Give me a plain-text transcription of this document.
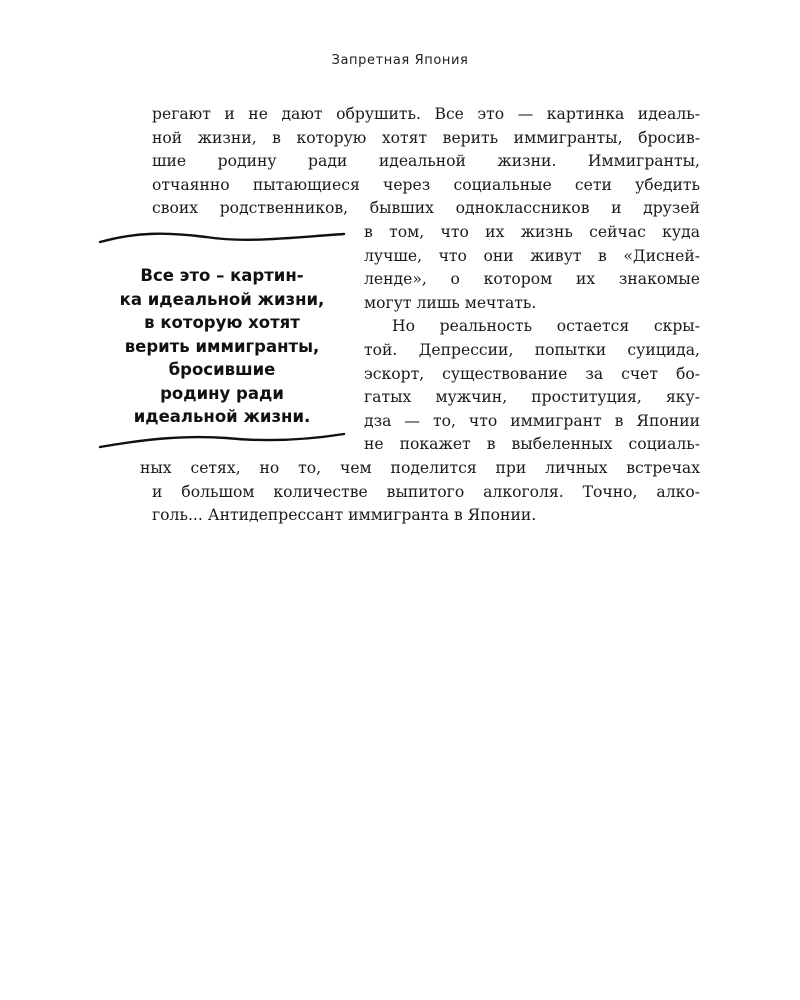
Запретная Япония
регают и не дают обрушить. Все это — картинка идеаль-
ной жизни, в которую хотят верить иммигранты, бросив-
шие родину ради идеальной жизни. Иммигранты,
отчаянно пытающиеся через социальные сети убедить
своих родственников, бывших одноклассников и друзей
в том, что их жизнь сейчас куда
лучше, что они живут в «Дисней-
ленде», о котором их знакомые
могут лишь мечтать.
Но реальность остается скры-
той. Депрессии, попытки суицида,
эскорт, существование за счет бо-
гатых мужчин, проституция, яку-
дза — то, что иммигрант в Японии
не покажет в выбеленных социаль-
ных сетях, но то, чем поделится при личных встречах
и большом количестве выпитого алкоголя. Точно, алко-
голь... Антидепрессант иммигранта в Японии.
Все это – картин-
ка идеальной жизни,
в которую хотят
верить иммигранты,
бросившие
родину ради
идеальной жизни.
